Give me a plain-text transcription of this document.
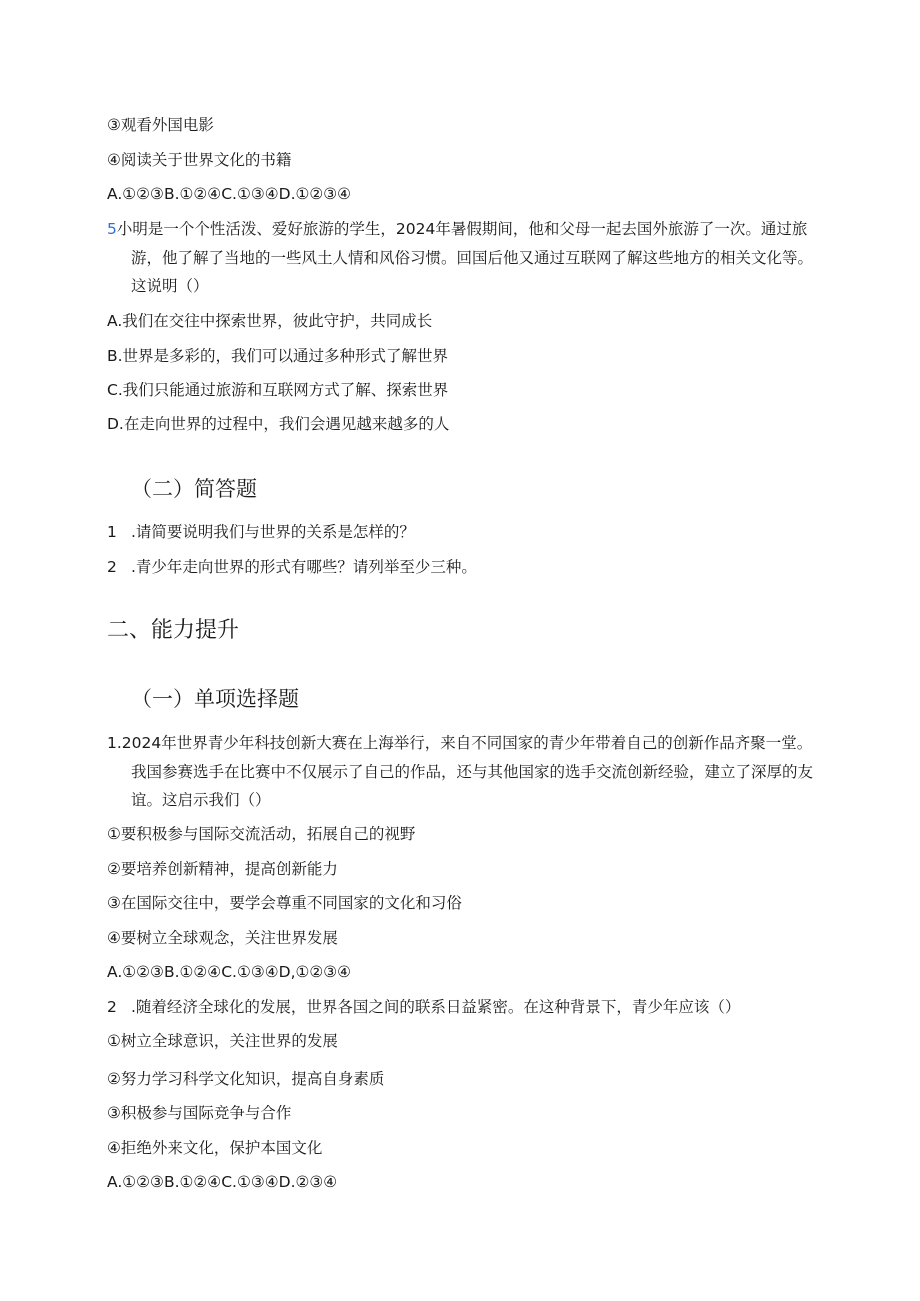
③观看外国电影

④阅读关于世界文化的书籍

A.①②③B.①②④C.①③④D.①②③④

5小明是一个个性活泼、爱好旅游的学生，2024年暑假期间，他和父母一起去国外旅游了一次。通过旅

游，他了解了当地的一些风土人情和风俗习惯。回国后他又通过互联网了解这些地方的相关文化等。

这说明（）

A.我们在交往中探索世界，彼此守护，共同成长

B.世界是多彩的，我们可以通过多种形式了解世界

C.我们只能通过旅游和互联网方式了解、探索世界

D.在走向世界的过程中，我们会遇见越来越多的人

（二）简答题

1 .请简要说明我们与世界的关系是怎样的？

2 .青少年走向世界的形式有哪些？请列举至少三种。

二、能力提升
（一）单项选择题

1.2024年世界青少年科技创新大赛在上海举行，来自不同国家的青少年带着自己的创新作品齐聚一堂。

我国参赛选手在比赛中不仅展示了自己的作品，还与其他国家的选手交流创新经验，建立了深厚的友

谊。这启示我们（）

①要积极参与国际交流活动，拓展自己的视野

②要培养创新精神，提高创新能力

③在国际交往中，要学会尊重不同国家的文化和习俗

④要树立全球观念，关注世界发展

A.①②③B.①②④C.①③④D,①②③④

2 .随着经济全球化的发展，世界各国之间的联系日益紧密。在这种背景下，青少年应该（）

①树立全球意识，关注世界的发展

②努力学习科学文化知识，提高自身素质

③积极参与国际竞争与合作

④拒绝外来文化，保护本国文化

A.①②③B.①②④C.①③④D.②③④
